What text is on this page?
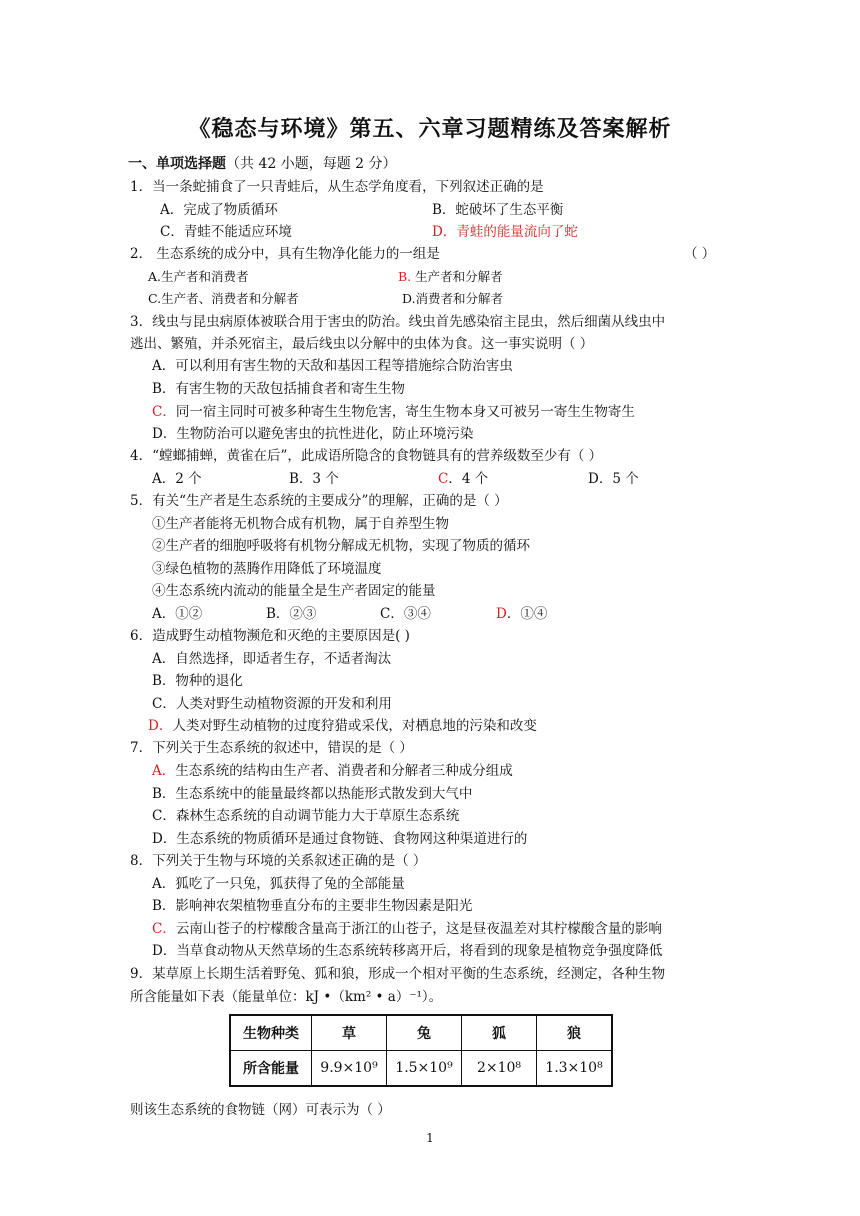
《稳态与环境》第五、六章习题精练及答案解析
一、单项选择题（共 42 小题，每题 2 分）
1．当一条蛇捕食了一只青蛙后，从生态学角度看，下列叙述正确的是
A．完成了物质循环	B．蛇破坏了生态平衡
C．青蛙不能适应环境	D．青蛙的能量流向了蛇
2． 生态系统的成分中，具有生物净化能力的一组是	（ ）
A.生产者和消费者	B. 生产者和分解者
C.生产者、消费者和分解者	D.消费者和分解者
3．线虫与昆虫病原体被联合用于害虫的防治。线虫首先感染宿主昆虫，然后细菌从线虫中
逃出、繁殖，并杀死宿主，最后线虫以分解中的虫体为食。这一事实说明（ ）
A．可以利用有害生物的天敌和基因工程等措施综合防治害虫
B．有害生物的天敌包括捕食者和寄生生物
C．同一宿主同时可被多种寄生生物危害，寄生生物本身又可被另一寄生生物寄生
D．生物防治可以避免害虫的抗性进化，防止环境污染
4．“螳螂捕蝉，黄雀在后”，此成语所隐含的食物链具有的营养级数至少有（ ）
A．2 个	B．3 个	C．4 个	D．5 个
5．有关“生产者是生态系统的主要成分”的理解，正确的是（ ）
①生产者能将无机物合成有机物，属于自养型生物
②生产者的细胞呼吸将有机物分解成无机物，实现了物质的循环
③绿色植物的蒸腾作用降低了环境温度
④生态系统内流动的能量全是生产者固定的能量
A．①②	B．②③	C．③④	D．①④
6．造成野生动植物濒危和灭绝的主要原因是( )
A．自然选择，即适者生存，不适者淘汰
B．物种的退化
C．人类对野生动植物资源的开发和利用
D．人类对野生动植物的过度狩猎或采伐，对栖息地的污染和改变
7．下列关于生态系统的叙述中，错误的是（ ）
A．生态系统的结构由生产者、消费者和分解者三种成分组成
B．生态系统中的能量最终都以热能形式散发到大气中
C．森林生态系统的自动调节能力大于草原生态系统
D．生态系统的物质循环是通过食物链、食物网这种渠道进行的
8．下列关于生物与环境的关系叙述正确的是（ ）
A．狐吃了一只兔，狐获得了兔的全部能量
B．影响神农架植物垂直分布的主要非生物因素是阳光
C．云南山苍子的柠檬酸含量高于浙江的山苍子，这是昼夜温差对其柠檬酸含量的影响
D．当草食动物从天然草场的生态系统转移离开后，将看到的现象是植物竞争强度降低
9．某草原上长期生活着野兔、狐和狼，形成一个相对平衡的生态系统，经测定，各种生物
所含能量如下表（能量单位：kJ •（km² • a）⁻¹）。
生物种类	草	兔	狐	狼
所含能量	9.9×10⁹	1.5×10⁹	2×10⁸	1.3×10⁸
则该生态系统的食物链（网）可表示为（ ）
1
